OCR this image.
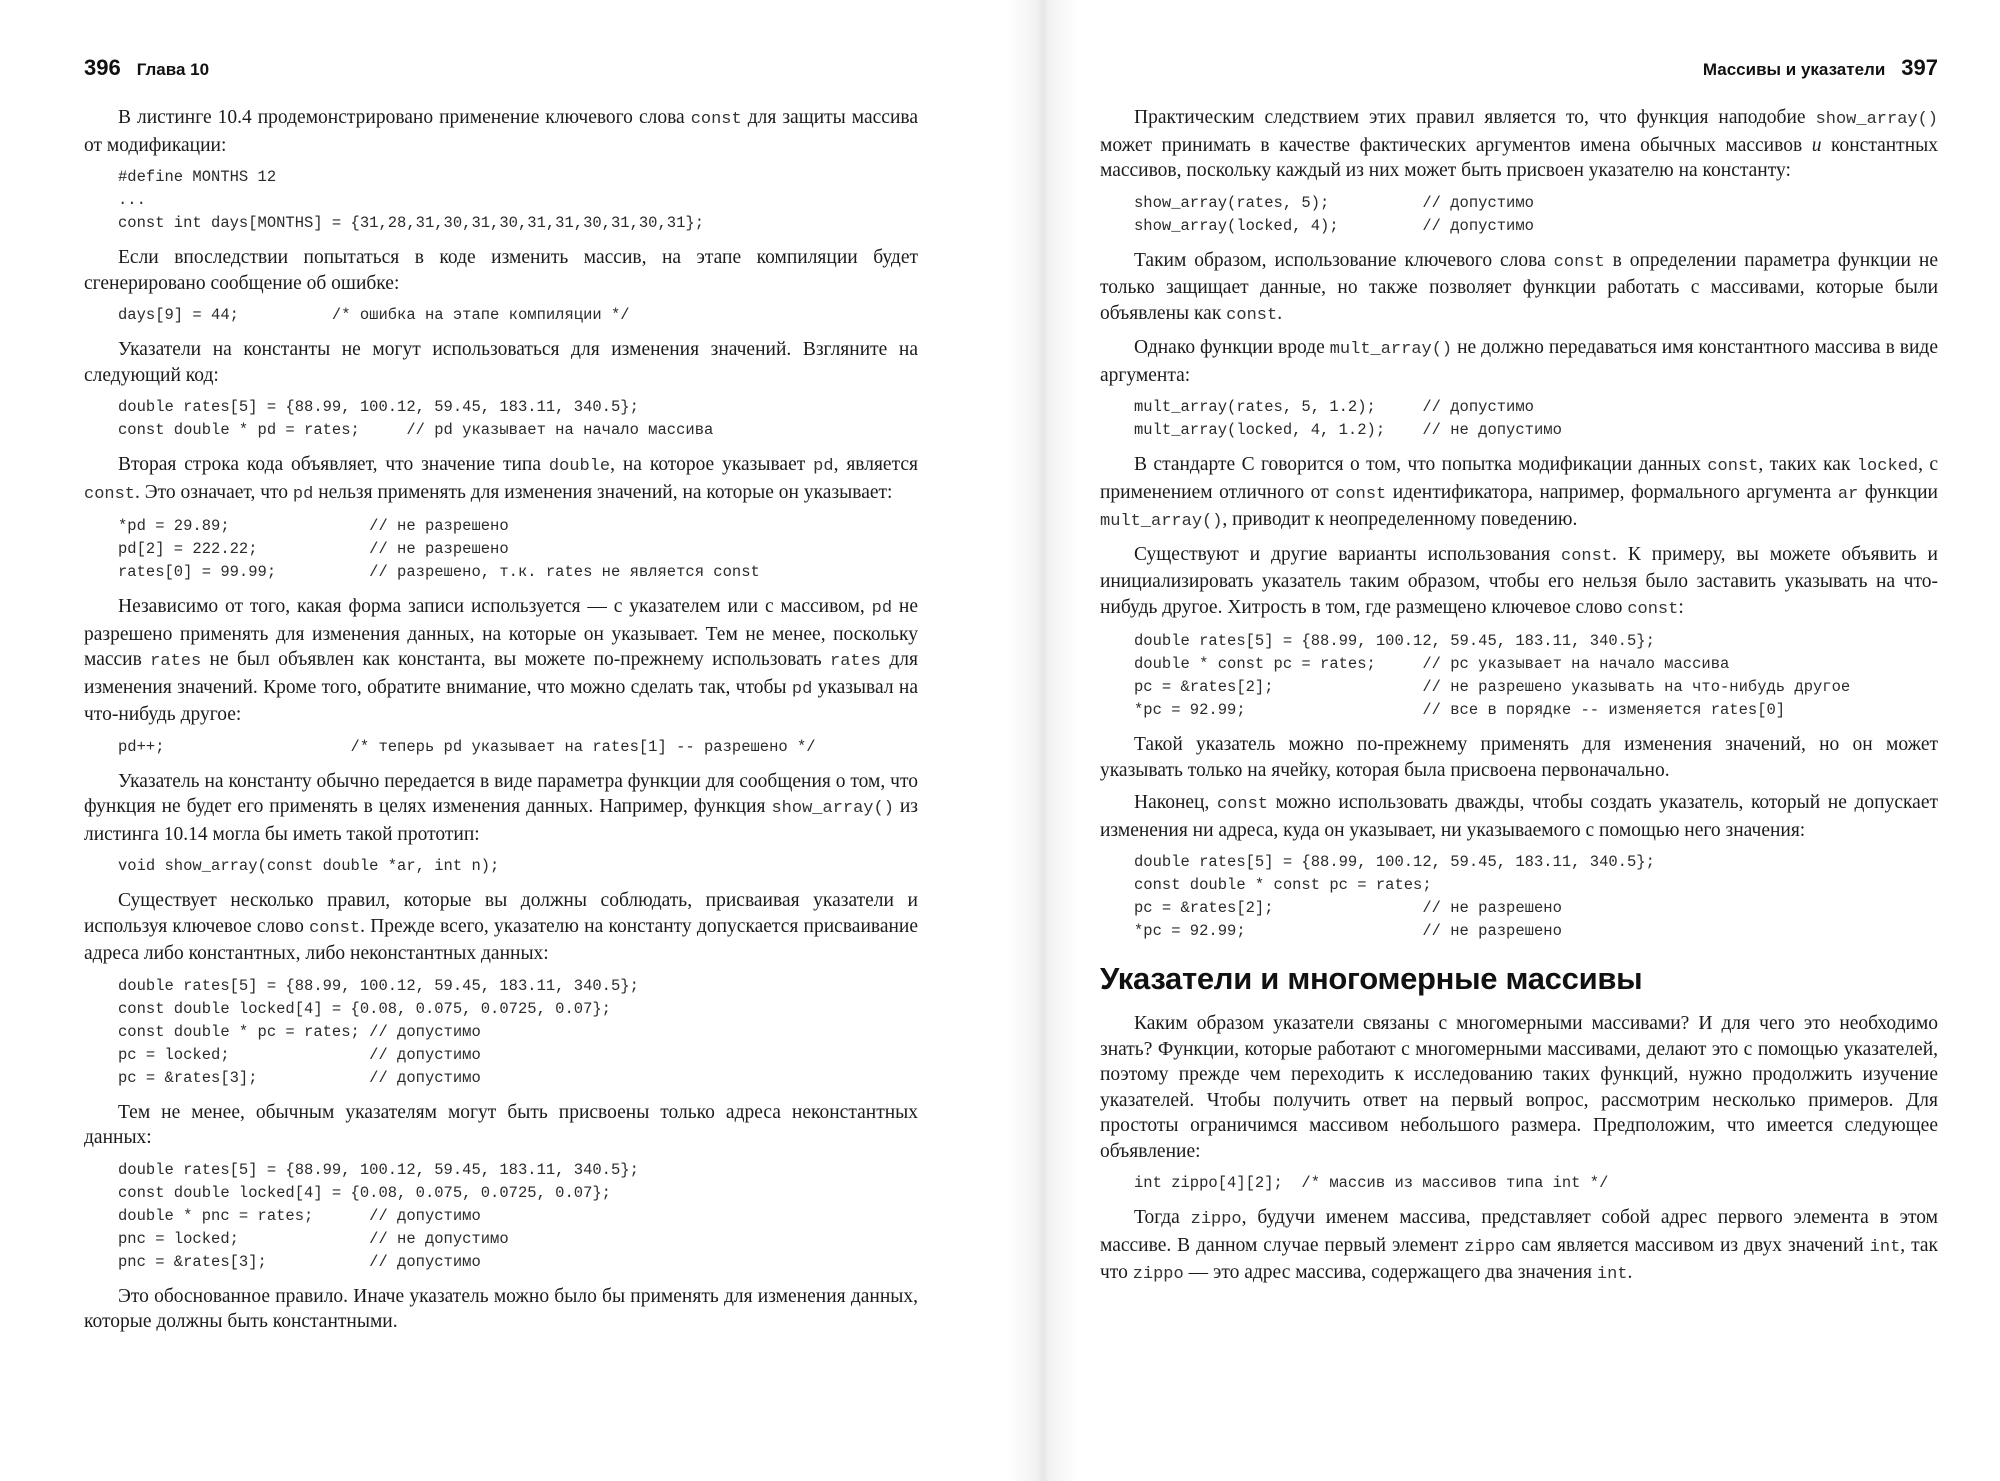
396 Глава 10

В листинге 10.4 продемонстрировано применение ключевого слова const для защиты массива от модификации:

#define MONTHS 12
...
const int days[MONTHS] = {31,28,31,30,31,30,31,31,30,31,30,31};

Если впоследствии попытаться в коде изменить массив, на этапе компиляции будет сгенерировано сообщение об ошибке:

days[9] = 44;          /* ошибка на этапе компиляции */

Указатели на константы не могут использоваться для изменения значений. Взгляните на следующий код:

double rates[5] = {88.99, 100.12, 59.45, 183.11, 340.5};
const double * pd = rates;     // pd указывает на начало массива

Вторая строка кода объявляет, что значение типа double, на которое указывает pd, является const. Это означает, что pd нельзя применять для изменения значений, на которые он указывает:

*pd = 29.89;               // не разрешено
pd[2] = 222.22;            // не разрешено
rates[0] = 99.99;          // разрешено, т.к. rates не является const

Независимо от того, какая форма записи используется — с указателем или с массивом, pd не разрешено применять для изменения данных, на которые он указывает. Тем не менее, поскольку массив rates не был объявлен как константа, вы можете по-прежнему использовать rates для изменения значений. Кроме того, обратите внимание, что можно сделать так, чтобы pd указывал на что-нибудь другое:

pd++;                    /* теперь pd указывает на rates[1] -- разрешено */

Указатель на константу обычно передается в виде параметра функции для сообщения о том, что функция не будет его применять в целях изменения данных. Например, функция show_array() из листинга 10.14 могла бы иметь такой прототип:

void show_array(const double *ar, int n);

Существует несколько правил, которые вы должны соблюдать, присваивая указатели и используя ключевое слово const. Прежде всего, указателю на константу допускается присваивание адреса либо константных, либо неконстантных данных:

double rates[5] = {88.99, 100.12, 59.45, 183.11, 340.5};
const double locked[4] = {0.08, 0.075, 0.0725, 0.07};
const double * pc = rates; // допустимо
pc = locked;               // допустимо
pc = &rates[3];            // допустимо

Тем не менее, обычным указателям могут быть присвоены только адреса неконстантных данных:

double rates[5] = {88.99, 100.12, 59.45, 183.11, 340.5};
const double locked[4] = {0.08, 0.075, 0.0725, 0.07};
double * pnc = rates;      // допустимо
pnc = locked;              // не допустимо
pnc = &rates[3];           // допустимо

Это обоснованное правило. Иначе указатель можно было бы применять для изменения данных, которые должны быть константными.

Массивы и указатели 397

Практическим следствием этих правил является то, что функция наподобие show_array() может принимать в качестве фактических аргументов имена обычных массивов и константных массивов, поскольку каждый из них может быть присвоен указателю на константу:

show_array(rates, 5);          // допустимо
show_array(locked, 4);         // допустимо

Таким образом, использование ключевого слова const в определении параметра функции не только защищает данные, но также позволяет функции работать с массивами, которые были объявлены как const.

Однако функции вроде mult_array() не должно передаваться имя константного массива в виде аргумента:

mult_array(rates, 5, 1.2);     // допустимо
mult_array(locked, 4, 1.2);    // не допустимо

В стандарте С говорится о том, что попытка модификации данных const, таких как locked, с применением отличного от const идентификатора, например, формального аргумента ar функции mult_array(), приводит к неопределенному поведению.

Существуют и другие варианты использования const. К примеру, вы можете объявить и инициализировать указатель таким образом, чтобы его нельзя было заставить указывать на что-нибудь другое. Хитрость в том, где размещено ключевое слово const:

double rates[5] = {88.99, 100.12, 59.45, 183.11, 340.5};
double * const pc = rates;     // pc указывает на начало массива
pc = &rates[2];                // не разрешено указывать на что-нибудь другое
*pc = 92.99;                   // все в порядке -- изменяется rates[0]

Такой указатель можно по-прежнему применять для изменения значений, но он может указывать только на ячейку, которая была присвоена первоначально.

Наконец, const можно использовать дважды, чтобы создать указатель, который не допускает изменения ни адреса, куда он указывает, ни указываемого с помощью него значения:

double rates[5] = {88.99, 100.12, 59.45, 183.11, 340.5};
const double * const pc = rates;
pc = &rates[2];                // не разрешено
*pc = 92.99;                   // не разрешено
Указатели и многомерные массивы

Каким образом указатели связаны с многомерными массивами? И для чего это необходимо знать? Функции, которые работают с многомерными массивами, делают это с помощью указателей, поэтому прежде чем переходить к исследованию таких функций, нужно продолжить изучение указателей. Чтобы получить ответ на первый вопрос, рассмотрим несколько примеров. Для простоты ограничимся массивом небольшого размера. Предположим, что имеется следующее объявление:

int zippo[4][2];  /* массив из массивов типа int */

Тогда zippo, будучи именем массива, представляет собой адрес первого элемента в этом массиве. В данном случае первый элемент zippo сам является массивом из двух значений int, так что zippo — это адрес массива, содержащего два значения int.
